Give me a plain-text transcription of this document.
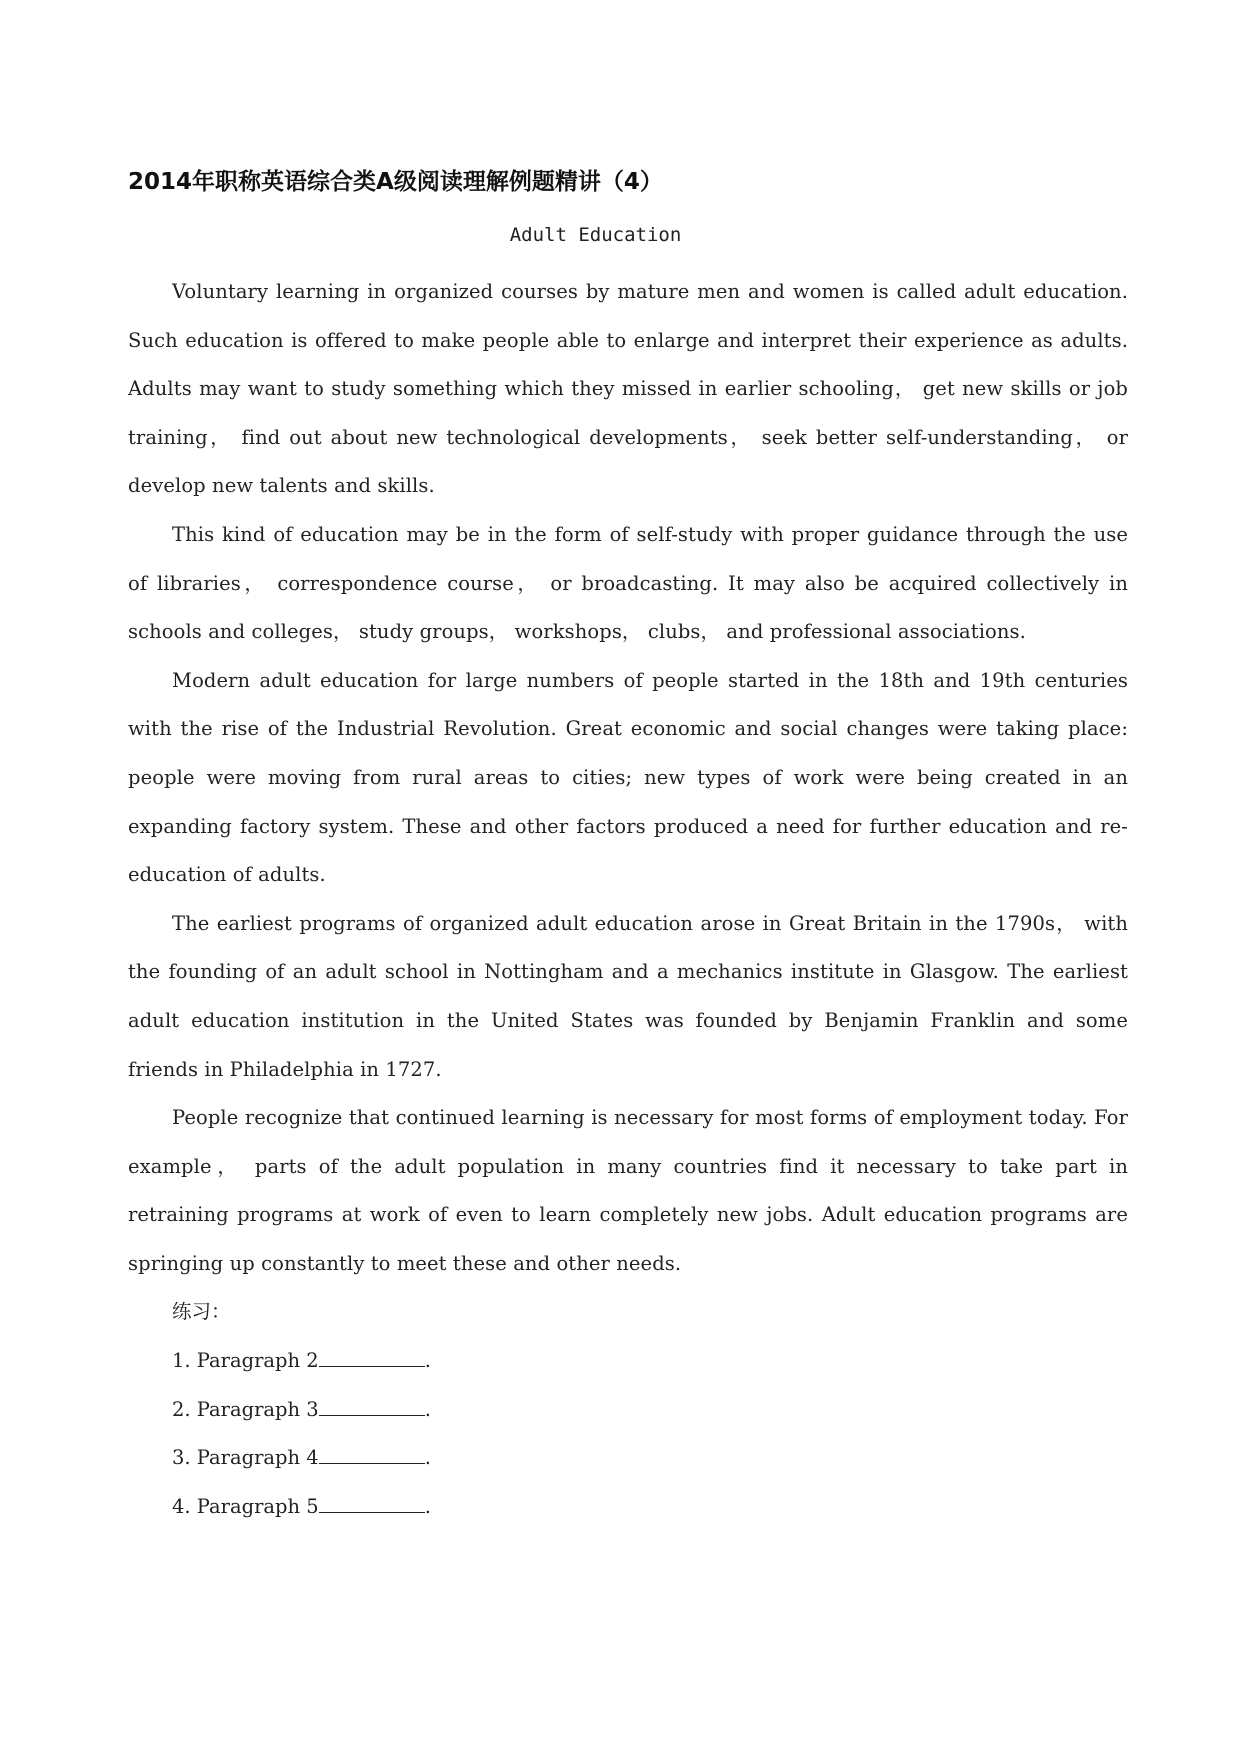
2014年职称英语综合类A级阅读理解例题精讲（4）
Adult Education

Voluntary learning in organized courses by mature men and women is called adult education. Such education is offered to make people able to enlarge and interpret their experience as adults. Adults may want to study something which they missed in earlier schooling， get new skills or job training， find out about new technological developments， seek better self-understanding， or develop new talents and skills.

This kind of education may be in the form of self-study with proper guidance through the use of libraries， correspondence course， or broadcasting. It may also be acquired collectively in schools and colleges， study groups， workshops， clubs， and professional associations.

Modern adult education for large numbers of people started in the 18th and 19th centuries with the rise of the Industrial Revolution. Great economic and social changes were taking place: people were moving from rural areas to cities; new types of work were being created in an expanding factory system. These and other factors produced a need for further education and re-education of adults.

The earliest programs of organized adult education arose in Great Britain in the 1790s， with the founding of an adult school in Nottingham and a mechanics institute in Glasgow. The earliest adult education institution in the United States was founded by Benjamin Franklin and some friends in Philadelphia in 1727.

People recognize that continued learning is necessary for most forms of employment today. For example， parts of the adult population in many countries find it necessary to take part in retraining programs at work of even to learn completely new jobs. Adult education programs are springing up constantly to meet these and other needs.

练习：

1. Paragraph 2	.
2. Paragraph 3	.
3. Paragraph 4	.
4. Paragraph 5	.
